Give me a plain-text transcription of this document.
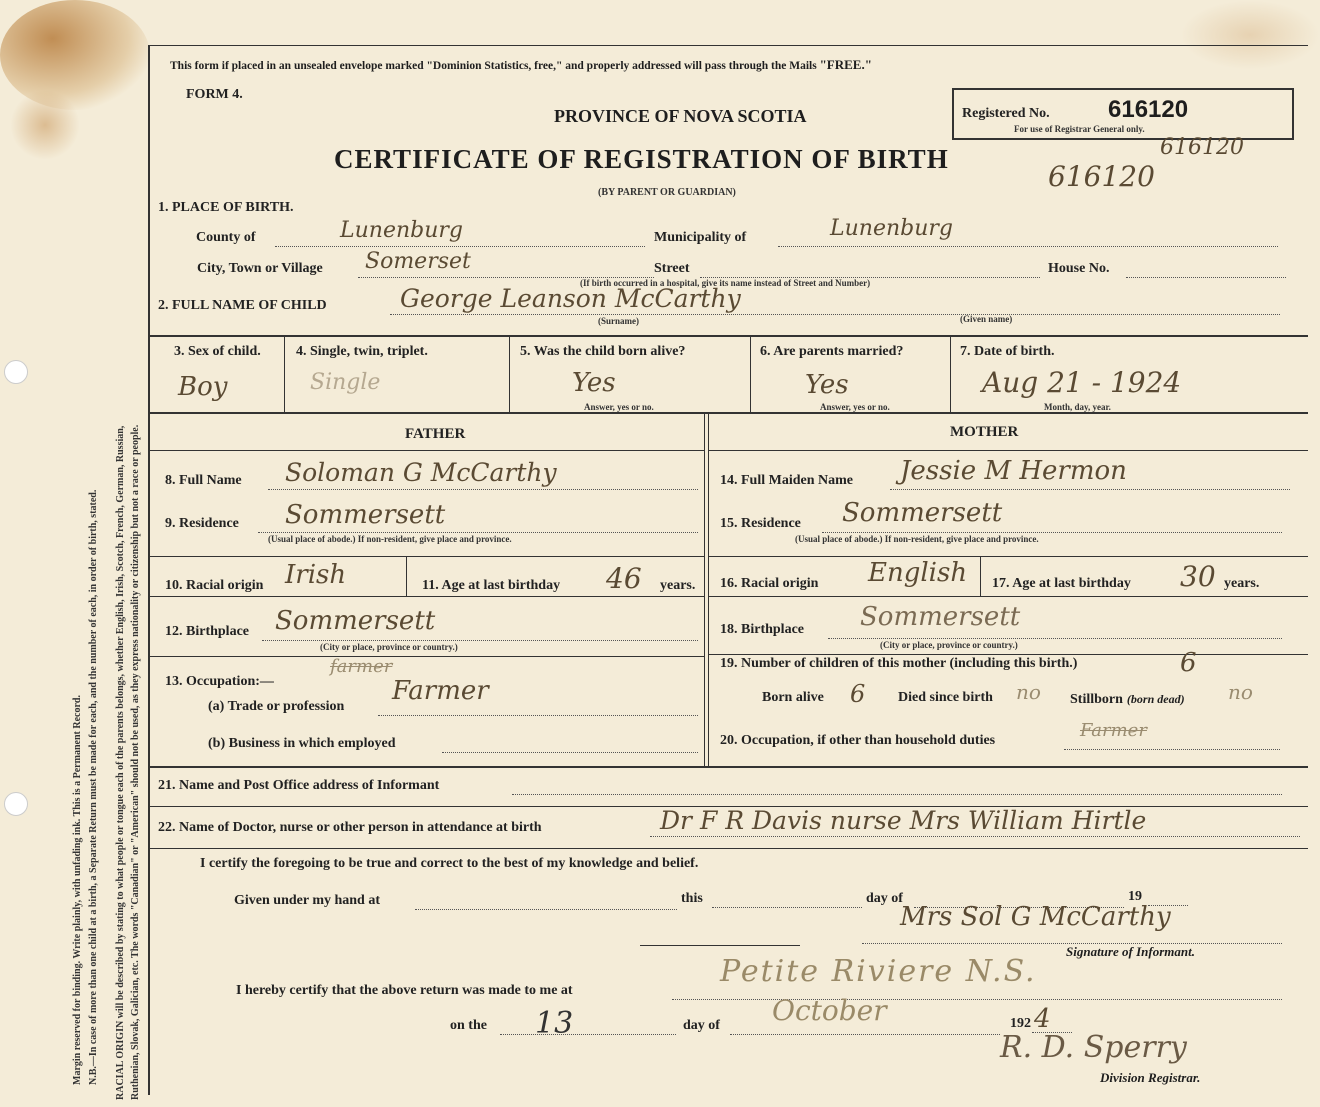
Margin reserved for binding. Write plainly, with unfading ink. This is a Permanent Record. N.B.—In case of more than one child at a birth, a Separate Return must be made for each, and the number of each, in order of birth, stated. RACIAL ORIGIN will be described by stating to what people or tongue each of the parents belongs, whether English, Irish, Scotch, French, German, Russian, Ruthenian, Slovak, Galician, etc. The words "Canadian" or "American" should not be used, as they express nationality or citizenship but not a race or people.
This form if placed in an unsealed envelope marked "Dominion Statistics, free," and properly addressed will pass through the Mails "FREE."
FORM 4.
PROVINCE OF NOVA SCOTIA
CERTIFICATE OF REGISTRATION OF BIRTH
(BY PARENT OR GUARDIAN)
Registered No. 616120
For use of Registrar General only.
616120
616120
1. PLACE OF BIRTH.
County of	Lunenburg	Municipality of	Lunenburg
City, Town or Village Somerset	Street
(If birth occurred in a hospital, give its name instead of Street and Number)
House No.
2. FULL NAME OF CHILD	George Leanson McCarthy
(Surname)	(Given name)
3. Sex of child.
Boy
4. Single, twin, triplet.
Single
5. Was the child born alive?
Yes
Answer, yes or no.
6. Are parents married?
Yes
Answer, yes or no.
7. Date of birth.
Aug 21 - 1924
Month, day, year.
FATHER	MOTHER
8. Full Name Soloman G McCarthy
9. Residence Sommersett
(Usual place of abode.) If non-resident, give place and province.
10. Racial origin Irish	11. Age at last birthday 46 years.
12. Birthplace Sommersett
(City or place, province or country.)
13. Occupation:—
farmer
(a) Trade or profession
Farmer
(b) Business in which employed
14. Full Maiden Name Jessie M Hermon
15. Residence Sommersett
(Usual place of abode.) If non-resident, give place and province.
16. Racial origin English 17. Age at last birthday 30 years.
18. Birthplace Sommersett
(City or place, province or country.)
19. Number of children of this mother (including this birth.)	6
Born alive 6 Died since birth no Stillborn (born dead) no
20. Occupation, if other than household duties	Farmer
21. Name and Post Office address of Informant
22. Name of Doctor, nurse or other person in attendance at birth	Dr F R Davis nurse Mrs William Hirtle
I certify the foregoing to be true and correct to the best of my knowledge and belief.
Given under my hand at	this	day of	19
Mrs Sol G McCarthy
Signature of Informant.
I hereby certify that the above return was made to me at
Petite Riviere N.S.
on the 13	day of October	192 4
R. D. Sperry
Division Registrar.
